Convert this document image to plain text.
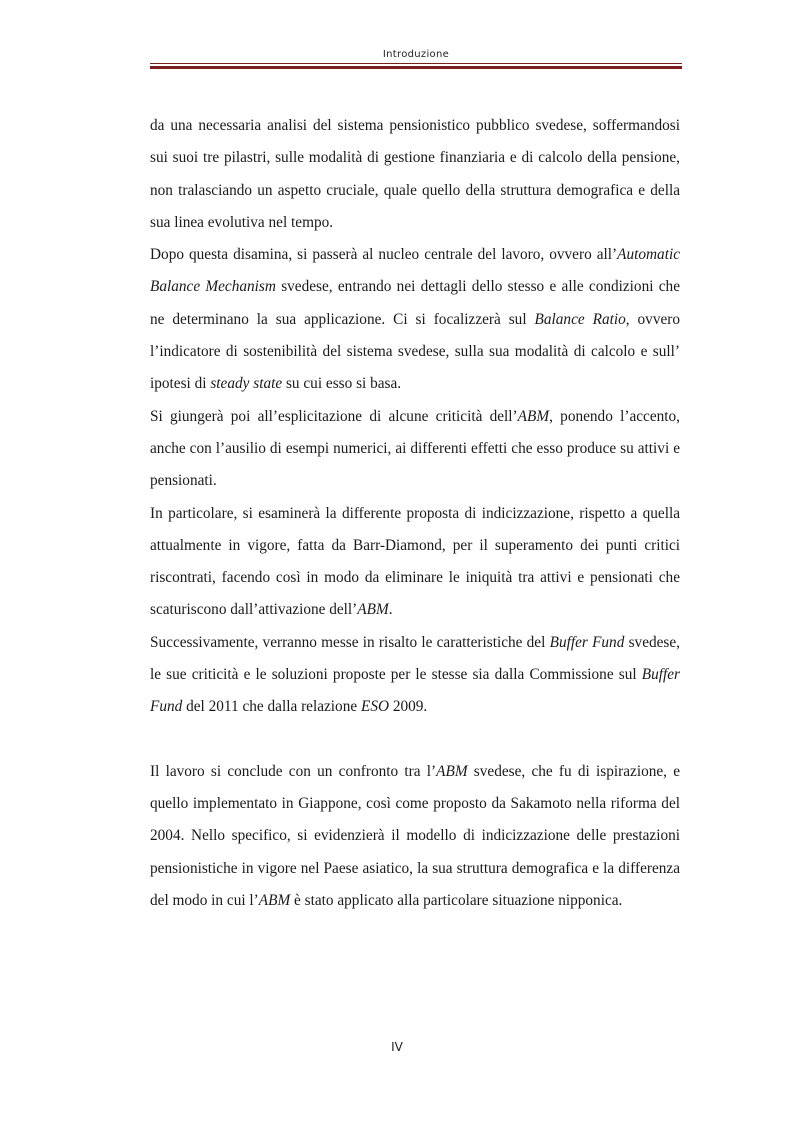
Introduzione

da una necessaria analisi del sistema pensionistico pubblico svedese, soffermandosi sui suoi tre pilastri, sulle modalità di gestione finanziaria e di calcolo della pensione, non tralasciando un aspetto cruciale, quale quello della struttura demografica e della sua linea evolutiva nel tempo.

Dopo questa disamina, si passerà al nucleo centrale del lavoro, ovvero all’Automatic Balance Mechanism svedese, entrando nei dettagli dello stesso e alle condizioni che ne determinano la sua applicazione. Ci si focalizzerà sul Balance Ratio, ovvero l’indicatore di sostenibilità del sistema svedese, sulla sua modalità di calcolo e sull’ ipotesi di steady state su cui esso si basa.

Si giungerà poi all’esplicitazione di alcune criticità dell’ABM, ponendo l’accento, anche con l’ausilio di esempi numerici, ai differenti effetti che esso produce su attivi e pensionati.

In particolare, si esaminerà la differente proposta di indicizzazione, rispetto a quella attualmente in vigore, fatta da Barr-Diamond, per il superamento dei punti critici riscontrati, facendo così in modo da eliminare le iniquità tra attivi e pensionati che scaturiscono dall’attivazione dell’ABM.

Successivamente, verranno messe in risalto le caratteristiche del Buffer Fund svedese, le sue criticità e le soluzioni proposte per le stesse sia dalla Commissione sul Buffer Fund del 2011 che dalla relazione ESO 2009.

Il lavoro si conclude con un confronto tra l’ABM svedese, che fu di ispirazione, e quello implementato in Giappone, così come proposto da Sakamoto nella riforma del 2004. Nello specifico, si evidenzierà il modello di indicizzazione delle prestazioni pensionistiche in vigore nel Paese asiatico, la sua struttura demografica e la differenza del modo in cui l’ABM è stato applicato alla particolare situazione nipponica.

IV
